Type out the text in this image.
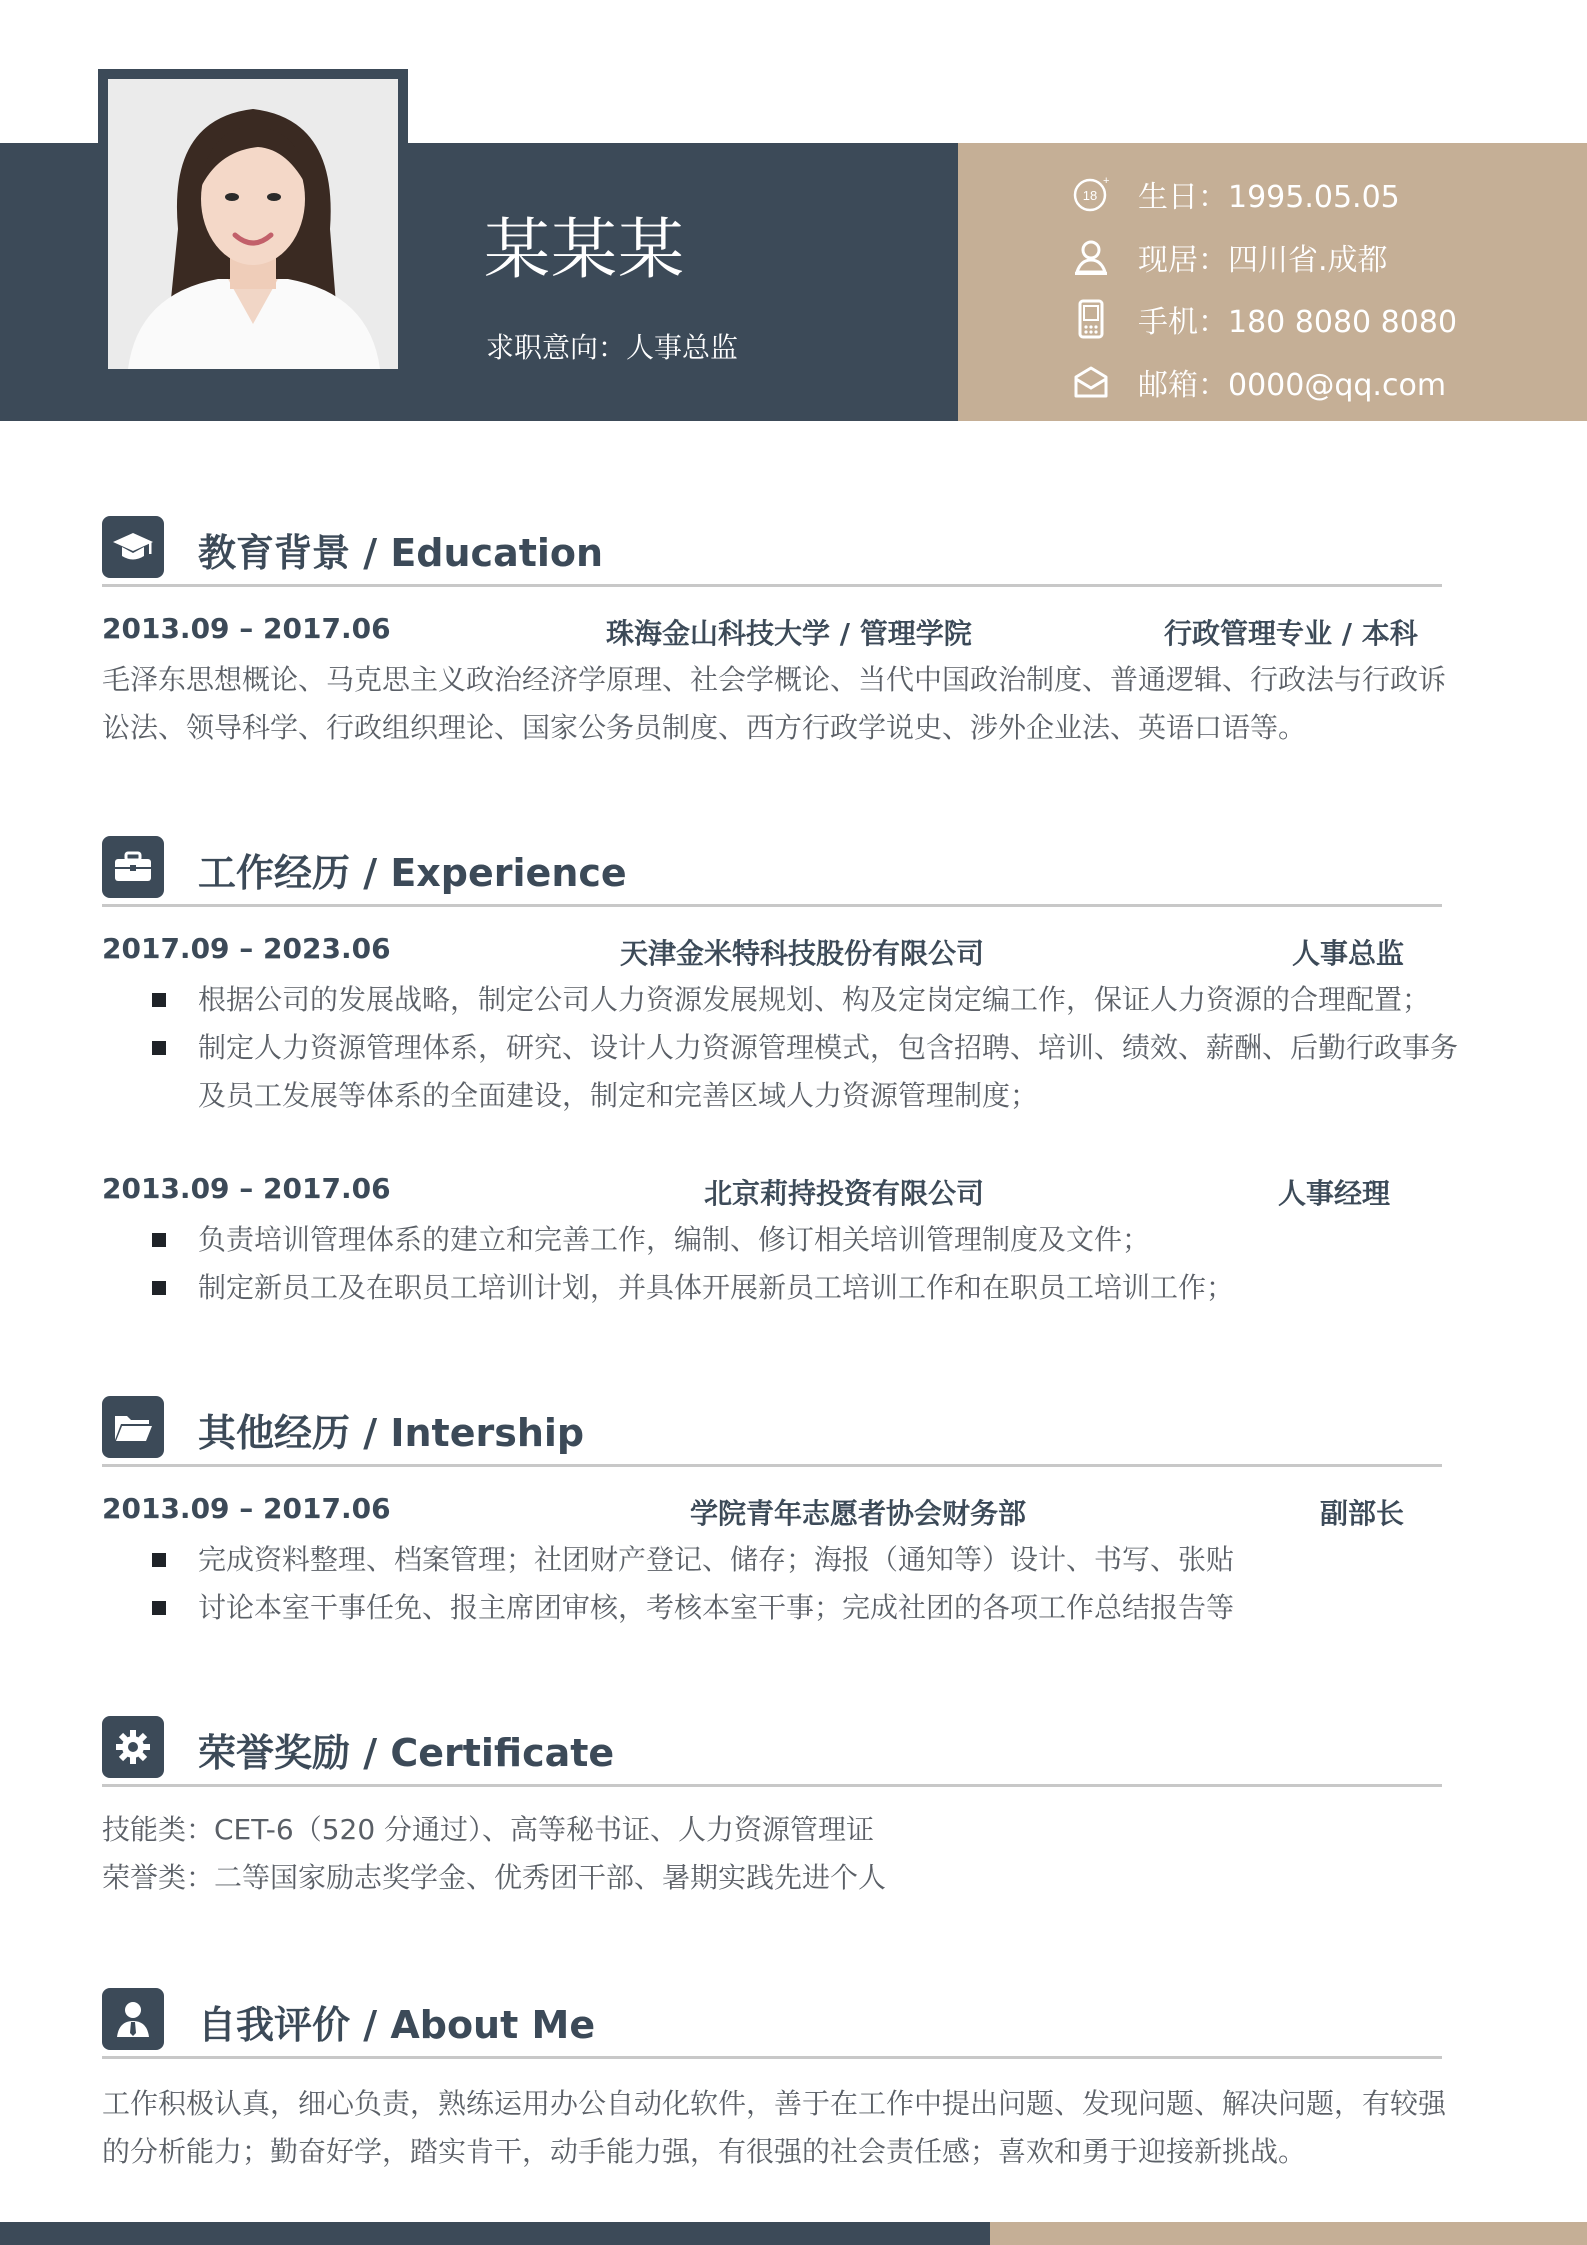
某某某
求职意向：人事总监
18
+ 生日：1995.05.05
现居：四川省.成都
手机：180 8080 8080
邮箱：0000@qq.com
教育背景 / Education
2013.09 – 2017.06	珠海金山科技大学 / 管理学院	行政管理专业 / 本科
毛泽东思想概论、马克思主义政治经济学原理、社会学概论、当代中国政治制度、普通逻辑、行政法与行政诉
讼法、领导科学、行政组织理论、国家公务员制度、西方行政学说史、涉外企业法、英语口语等。
工作经历 / Experience
2017.09 – 2023.06	天津金米特科技股份有限公司	人事总监
根据公司的发展战略，制定公司人力资源发展规划、构及定岗定编工作，保证人力资源的合理配置；
制定人力资源管理体系，研究、设计人力资源管理模式，包含招聘、培训、绩效、薪酬、后勤行政事务
及员工发展等体系的全面建设，制定和完善区域人力资源管理制度；
2013.09 – 2017.06	北京莉持投资有限公司	人事经理
负责培训管理体系的建立和完善工作，编制、修订相关培训管理制度及文件；
制定新员工及在职员工培训计划，并具体开展新员工培训工作和在职员工培训工作；
其他经历 / Intership
2013.09 – 2017.06	学院青年志愿者协会财务部	副部长
完成资料整理、档案管理；社团财产登记、储存；海报（通知等）设计、书写、张贴
讨论本室干事任免、报主席团审核，考核本室干事；完成社团的各项工作总结报告等
荣誉奖励 / Certificate
技能类：CET-6（520 分通过）、高等秘书证、人力资源管理证
荣誉类：二等国家励志奖学金、优秀团干部、暑期实践先进个人
自我评价 / About Me
工作积极认真，细心负责，熟练运用办公自动化软件，善于在工作中提出问题、发现问题、解决问题，有较强
的分析能力；勤奋好学，踏实肯干，动手能力强，有很强的社会责任感；喜欢和勇于迎接新挑战。
